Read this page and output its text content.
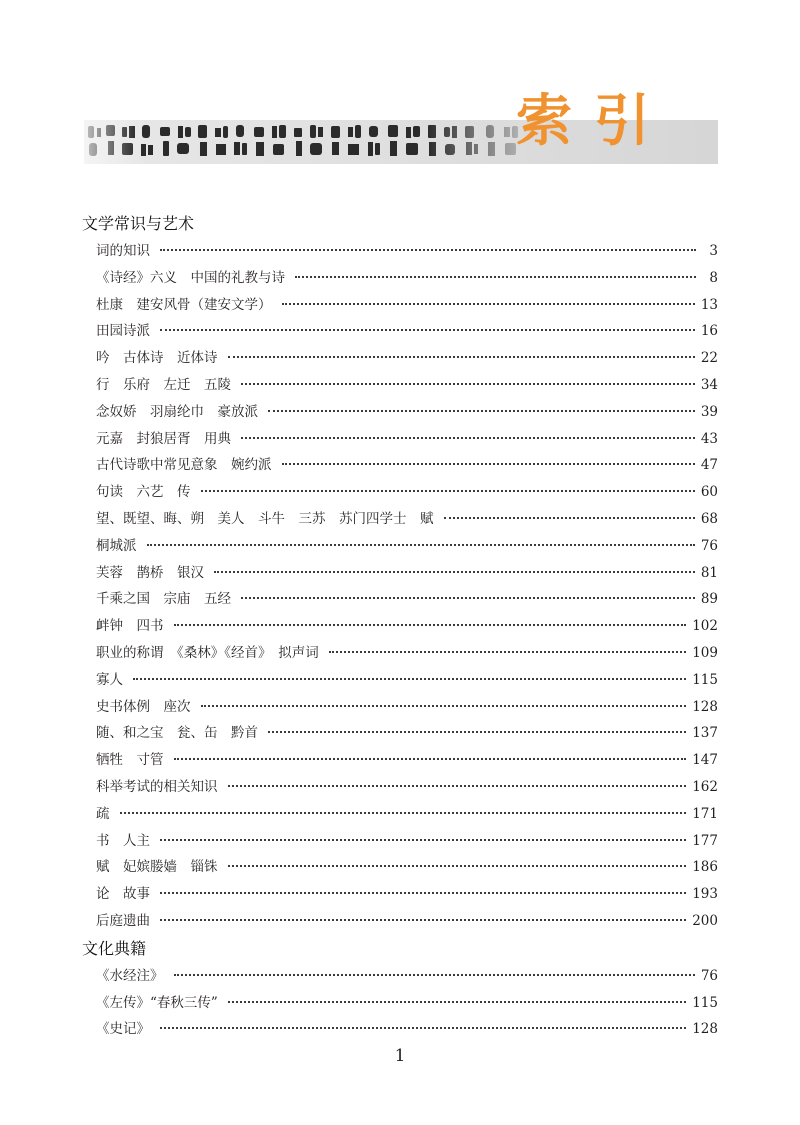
索引
文学常识与艺术
词的知识	3
《诗经》六义　中国的礼教与诗	8
杜康　建安风骨（建安文学）	13
田园诗派	16
吟　古体诗　近体诗	22
行　乐府　左迁　五陵	34
念奴娇　羽扇纶巾　豪放派	39
元嘉　封狼居胥　用典	43
古代诗歌中常见意象　婉约派	47
句读　六艺　传	60
望、既望、晦、朔　美人　斗牛　三苏　苏门四学士　赋	68
桐城派	76
芙蓉　鹊桥　银汉	81
千乘之国　宗庙　五经	89
衅钟　四书	102
职业的称谓　《桑林》《经首》　拟声词	109
寡人	115
史书体例　座次	128
随、和之宝　瓮、缶　黔首	137
牺牲　寸管	147
科举考试的相关知识	162
疏	171
书　人主	177
赋　妃嫔媵嫱　锱铢	186
论　故事	193
后庭遗曲	200
文化典籍
《水经注》	76
《左传》“春秋三传”	115
《史记》	128
1
